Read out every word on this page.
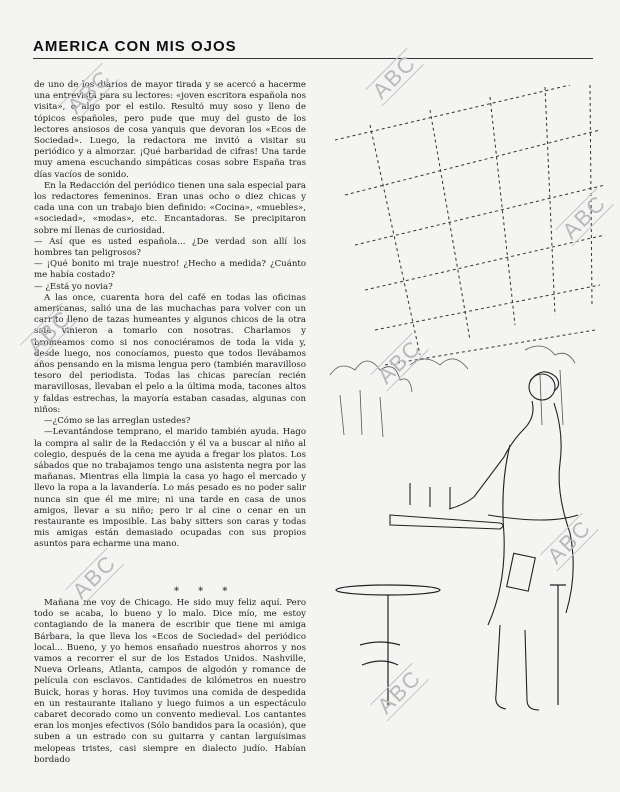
AMERICA CON MIS OJOS

de uno de los diarios de mayor tirada y se acercó a hacerme una entrevista para su lectores: «joven escritora española nos visita», o algo por el estilo. Resultó muy soso y lleno de tópicos españoles, pero pude que muy del gusto de los lectores ansiosos de cosa yanquis que devoran los «Ecos de Sociedad». Luego, la redactora me invitó a visitar su periódico y a almorzar. ¡Qué barbaridad de cifras! Una tarde muy amena escuchando simpáticas cosas sobre España tras días vacíos de sonido.

En la Redacción del periódico tienen una sala especial para los redactores femeninos. Eran unas ocho o diez chicas y cada una con un trabajo bien definido: «Cocina», «muebles», «sociedad», «modas», etc. Encantadoras. Se precipitaron sobre mí llenas de curiosidad.

— Así que es usted española... ¿De verdad son allí los hombres tan peligrosos?

— ¡Qué bonito mi traje nuestro! ¿Hecho a medida? ¿Cuánto me había costado?

— ¿Está yo novia?

A las once, cuarenta hora del café en todas las oficinas americanas, salió una de las muchachas para volver con un carrito lleno de tazas humeantes y algunos chicos de la otra sala vinieron a tomarlo con nosotras. Charlamos y bromeamos como si nos conociéramos de toda la vida y, desde luego, nos conocíamos, puesto que todos llevábamos años pensando en la misma lengua pero (también maravilloso tesoro del periodista. Todas las chicas parecían recién maravillosas, llevaban el pelo a la última moda, tacones altos y faldas estrechas, la mayoría estaban casadas, algunas con niños:

—¿Cómo se las arreglan ustedes?

—Levantándose temprano, el marido también ayuda. Hago la compra al salir de la Redacción y él va a buscar al niño al colegio, después de la cena me ayuda a fregar los platos. Los sábados que no trabajamos tengo una asistenta negra por las mañanas. Mientras ella limpia la casa yo hago el mercado y llevo la ropa a la lavandería. Lo más pesado es no poder salir nunca sin que él me mire; ni una tarde en casa de unos amigos, llevar a su niño; pero ir al cine o cenar en un restaurante es imposible. Las baby sitters son caras y todas mis amigas están demasiado ocupadas con sus propios asuntos para echarme una mano.

* * *

Mañana me voy de Chicago. He sido muy feliz aquí. Pero todo se acaba, lo bueno y lo malo. Dice mío, me estoy contagiando de la manera de escribir que tiene mi amiga Bárbara, la que lleva los «Ecos de Sociedad» del periódico local... Bueno, y yo hemos ensañado nuestros ahorros y nos vamos a recorrer el sur de los Estados Unidos. Nashville, Nueva Orleans, Atlanta, campos de algodón y romance de película con esclavos. Cantidades de kilómetros en nuestro Buick, horas y horas. Hoy tuvimos una comida de despedida en un restaurante italiano y luego fuimos a un espectáculo cabaret decorado como un convento medieval. Los cantantes eran los monjes efectivos (Sólo bandidos para la ocasión), que suben a un estrado con su guitarra y cantan larguísimas melopeas tristes, casi siempre en dialecto judío. Habían bordado

ABC	ABC
ABC
ABC
ABC
ABC
ABC
ABC
